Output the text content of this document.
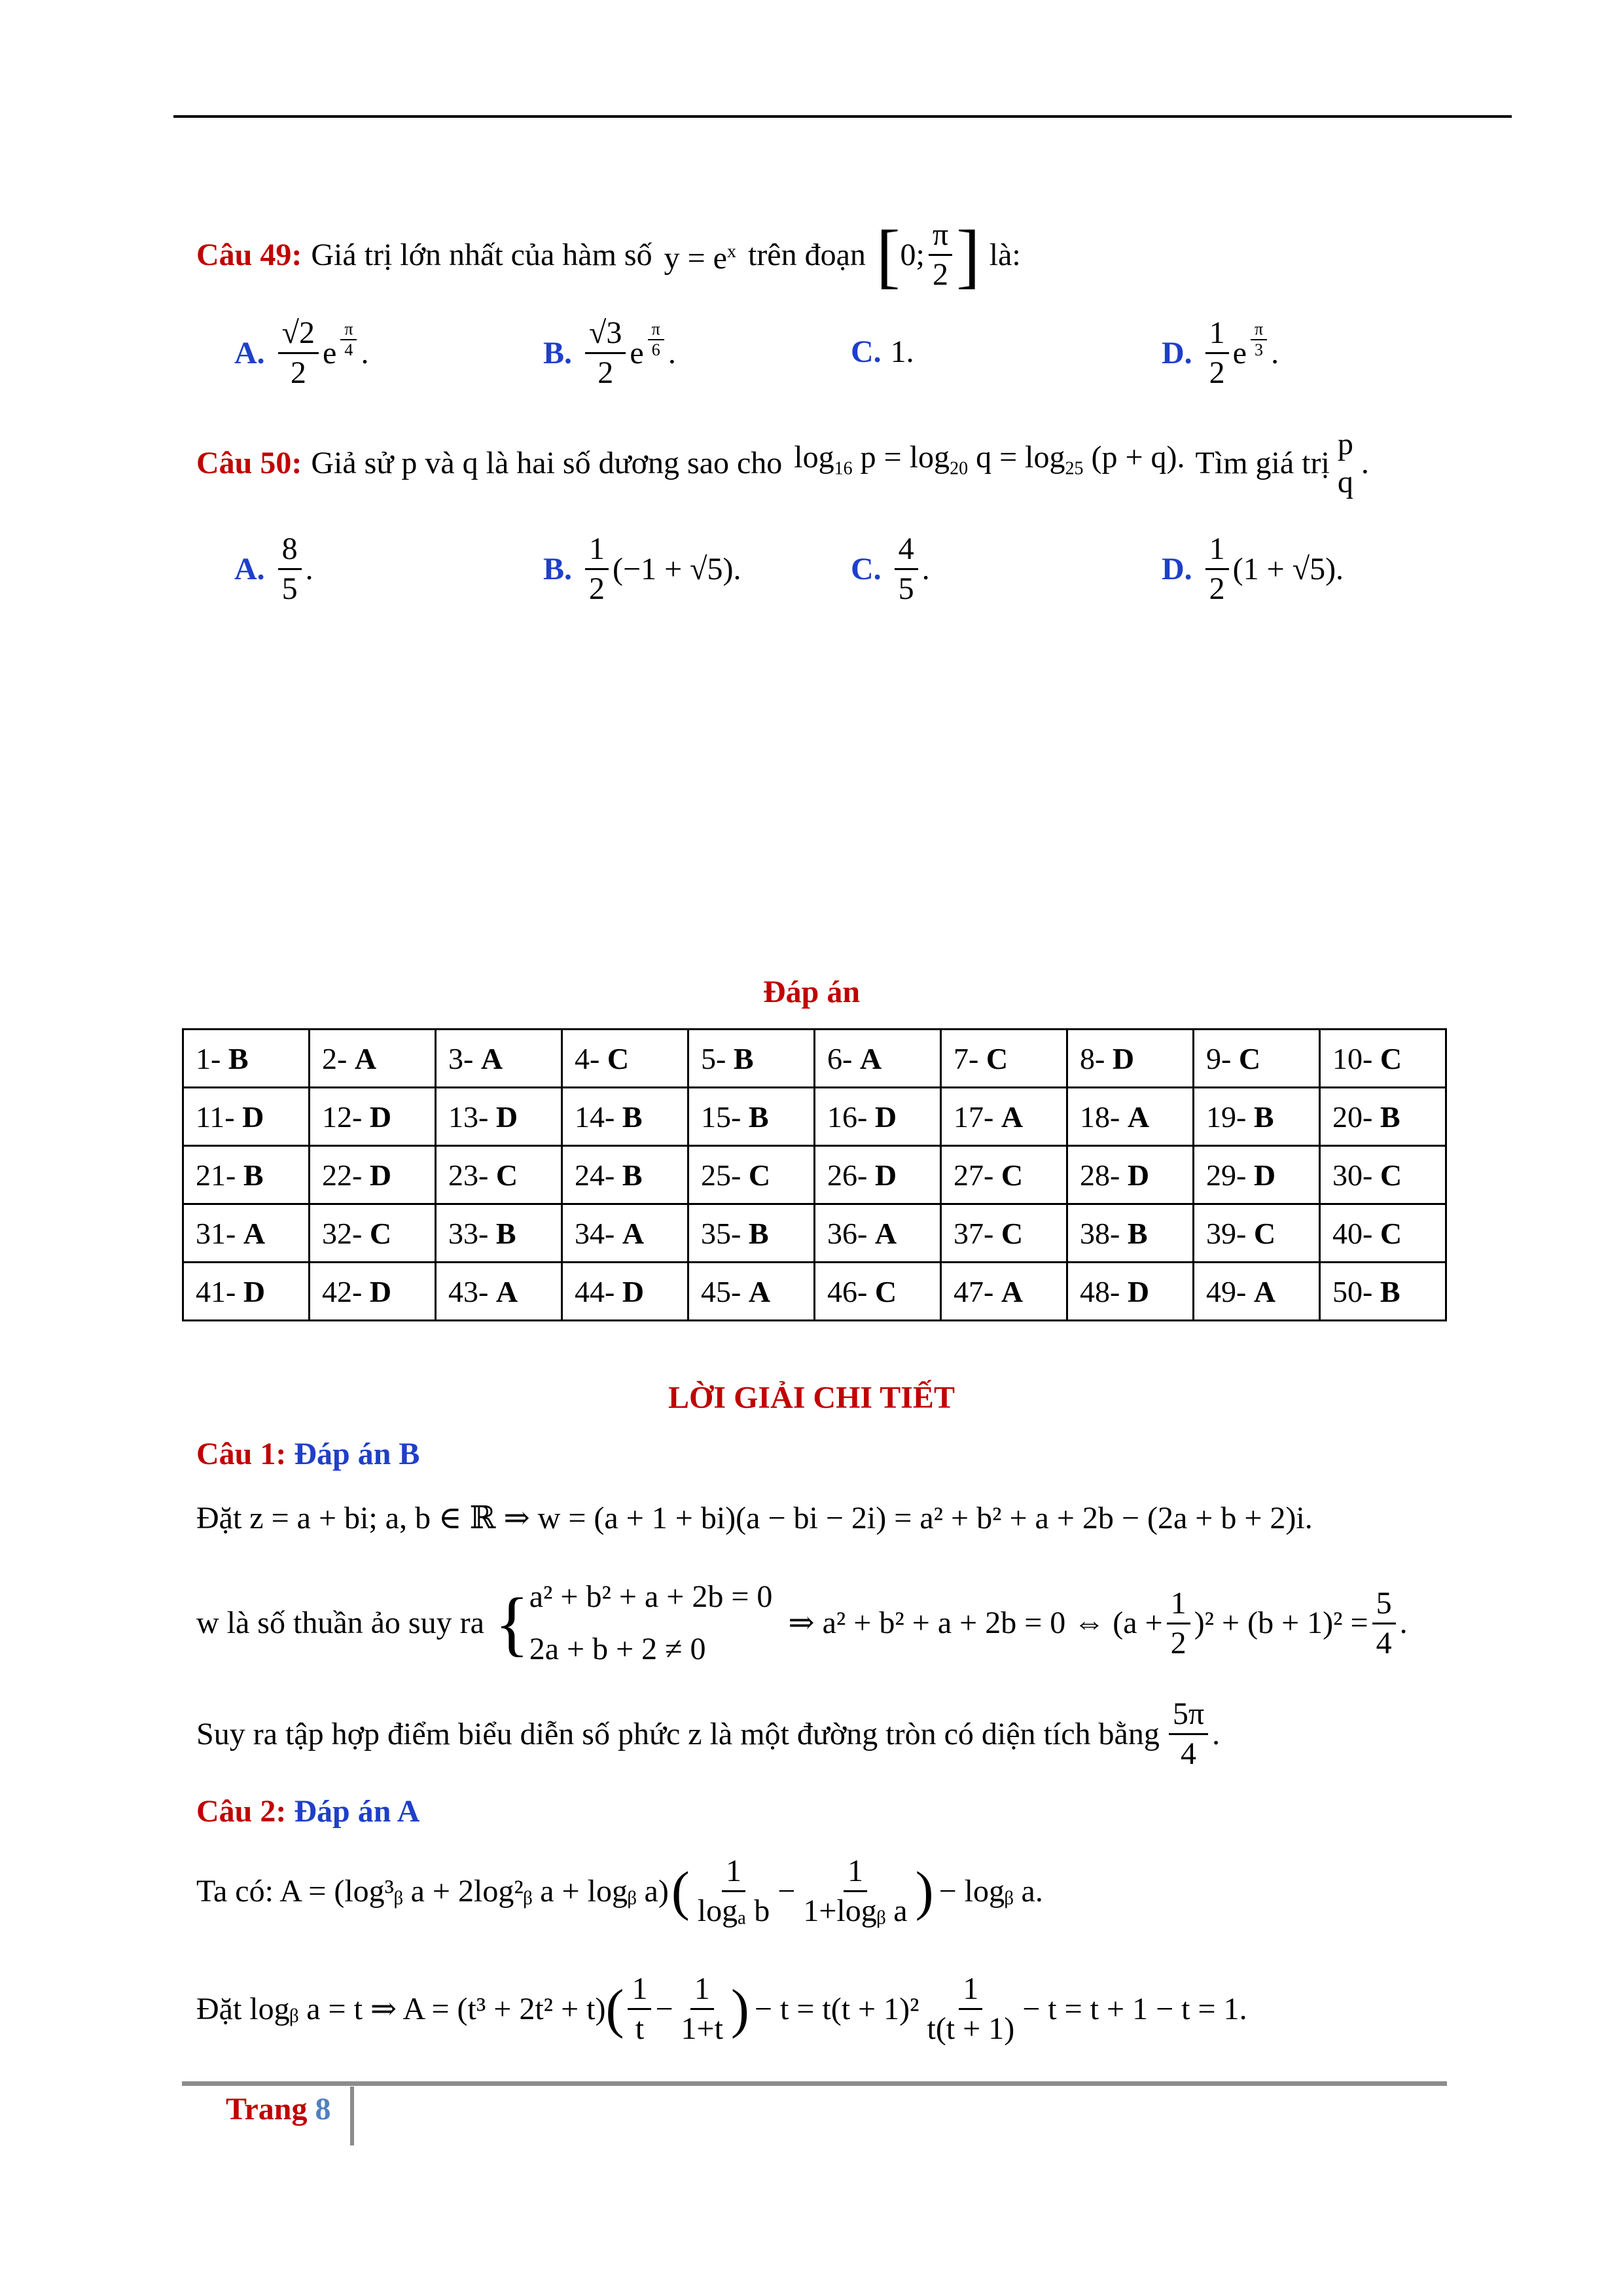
Câu 49: Giá trị lớn nhất của hàm số $y = e^x$ trên đoạn [ 0; $\frac{\pi}{2}$ ] là:
A. $\frac{√2}{2}$ e $\frac{\pi}{4}$ .	B. $\frac{√3}{2}$ e $\frac{\pi}{6}$ .	C. 1.	D. $\frac{1}{2}$ e $\frac{\pi}{3}$ .
Câu 50: Giả sử p và q là hai số dương sao cho $\log_{16} p = \log_{20} q = \log_{25} (p + q)$. Tìm giá trị
p
q
.
A. $\frac{8}{5}$ .	B. $\frac{1}{2} (-1 + √5)$.	C. $\frac{4}{5}$ .	D. $\frac{1}{2} (1 + √5)$.
Đáp án
1- B	2- A	3- A	4- C	5- B	6- A	7- C	8- D	9- C	10- C
11- D	12- D	13- D	14- B	15- B	16- D	17- A	18- A	19- B	20- B
21- B	22- D	23- C	24- B	25- C	26- D	27- C	28- D	29- D	30- C
31- A	32- C	33- B	34- A	35- B	36- A	37- C	38- B	39- C	40- C
41- D	42- D	43- A	44- D	45- A	46- C	47- A	48- D	49- A	50- B
LỜI GIẢI CHI TIẾT
Câu 1: Đáp án B
Đặt z = a + bi; a, b ∈ ℝ ⇒ w = (a + 1 + bi)(a − bi − 2i) = a² + b² + a + 2b − (2a + b + 2)i.
w là số thuần ảo suy ra { a² + b² + a + 2b = 0
2a + b + 2 ≠ 0
⇒ a² + b² + a + 2b = 0 ⇔ $(a + \frac{1}{2} )^2 + (b + 1)^2 = \frac{5}{4}$ .
Suy ra tập hợp điểm biểu diễn số phức z là một đường tròn có diện tích bằng $\frac{5\pi}{4}$ .
Câu 2: Đáp án A
Ta có: A = (log³ᵦ a + 2log²ᵦ a + logᵦ a) ( $\frac{1}{\text{logₐ b}} - \frac{1}{\text{1+logᵦ a}}$ ) − logᵦ a.
Đặt logᵦ a = t ⇒ A = (t³ + 2t² + t) ( $\frac{1}{t} - \frac{1}{1+t}$ ) − $t = t(t + 1)^2 \frac{1}{t(t + 1)} - t = t + 1 - t = 1$.
Trang 8
